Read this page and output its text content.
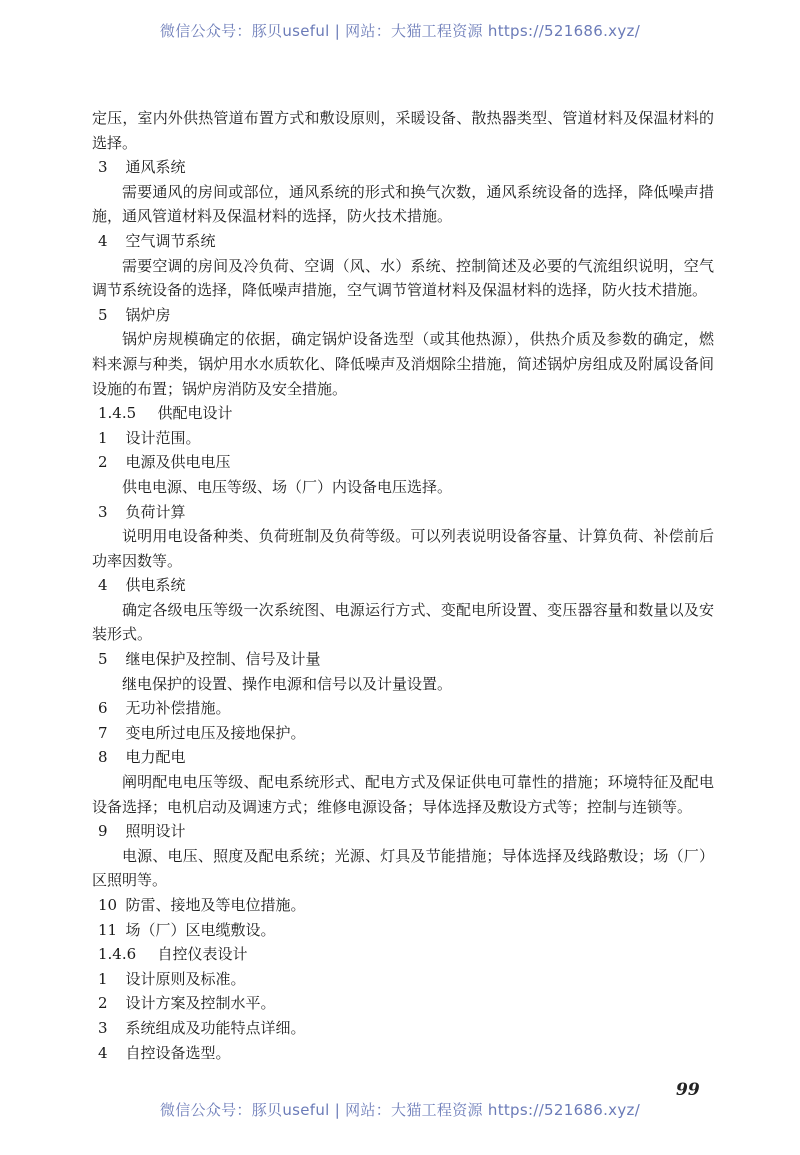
微信公众号：豚贝useful | 网站：大猫工程资源 https://521686.xyz/
定压，室内外供热管道布置方式和敷设原则，采暖设备、散热器类型、管道材料及保温材料的选择。
3  通风系统
需要通风的房间或部位，通风系统的形式和换气次数，通风系统设备的选择，降低噪声措施，通风管道材料及保温材料的选择，防火技术措施。
4  空气调节系统
需要空调的房间及冷负荷、空调（风、水）系统、控制简述及必要的气流组织说明，空气调节系统设备的选择，降低噪声措施，空气调节管道材料及保温材料的选择，防火技术措施。
5  锅炉房
锅炉房规模确定的依据，确定锅炉设备选型（或其他热源），供热介质及参数的确定，燃料来源与种类，锅炉用水水质软化、降低噪声及消烟除尘措施，简述锅炉房组成及附属设备间设施的布置；锅炉房消防及安全措施。
1.4.5  供配电设计
1  设计范围。
2  电源及供电电压
供电电源、电压等级、场（厂）内设备电压选择。
3  负荷计算
说明用电设备种类、负荷班制及负荷等级。可以列表说明设备容量、计算负荷、补偿前后功率因数等。
4  供电系统
确定各级电压等级一次系统图、电源运行方式、变配电所设置、变压器容量和数量以及安装形式。
5  继电保护及控制、信号及计量
继电保护的设置、操作电源和信号以及计量设置。
6  无功补偿措施。
7  变电所过电压及接地保护。
8  电力配电
阐明配电电压等级、配电系统形式、配电方式及保证供电可靠性的措施；环境特征及配电设备选择；电机启动及调速方式；维修电源设备；导体选择及敷设方式等；控制与连锁等。
9  照明设计
电源、电压、照度及配电系统；光源、灯具及节能措施；导体选择及线路敷设；场（厂）区照明等。
10  防雷、接地及等电位措施。
11  场（厂）区电缆敷设。
1.4.6  自控仪表设计
1  设计原则及标准。
2  设计方案及控制水平。
3  系统组成及功能特点详细。
4  自控设备选型。
99
微信公众号：豚贝useful | 网站：大猫工程资源 https://521686.xyz/
